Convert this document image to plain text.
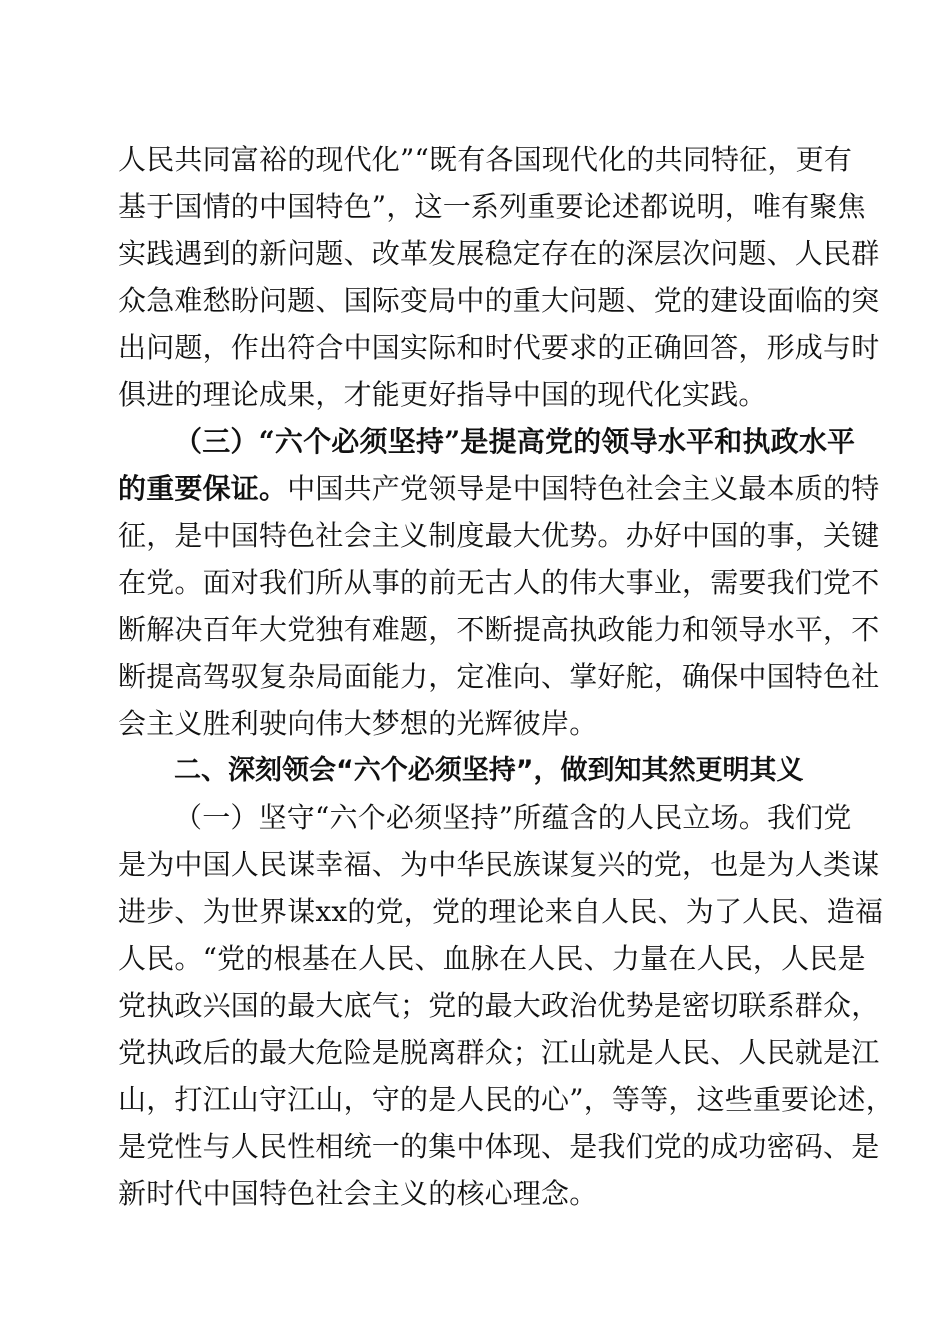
人民共同富裕的现代化”“既有各国现代化的共同特征，更有
基于国情的中国特色”，这一系列重要论述都说明，唯有聚焦
实践遇到的新问题、改革发展稳定存在的深层次问题、人民群
众急难愁盼问题、国际变局中的重大问题、党的建设面临的突
出问题，作出符合中国实际和时代要求的正确回答，形成与时
俱进的理论成果，才能更好指导中国的现代化实践。
（三）“六个必须坚持”是提高党的领导水平和执政水平
的重要保证。中国共产党领导是中国特色社会主义最本质的特
征，是中国特色社会主义制度最大优势。办好中国的事，关键
在党。面对我们所从事的前无古人的伟大事业，需要我们党不
断解决百年大党独有难题，不断提高执政能力和领导水平，不
断提高驾驭复杂局面能力，定准向、掌好舵，确保中国特色社
会主义胜利驶向伟大梦想的光辉彼岸。
二、深刻领会“六个必须坚持”，做到知其然更明其义
（一）坚守“六个必须坚持”所蕴含的人民立场。我们党
是为中国人民谋幸福、为中华民族谋复兴的党，也是为人类谋
进步、为世界谋xx的党，党的理论来自人民、为了人民、造福
人民。“党的根基在人民、血脉在人民、力量在人民，人民是
党执政兴国的最大底气；党的最大政治优势是密切联系群众，
党执政后的最大危险是脱离群众；江山就是人民、人民就是江
山，打江山守江山，守的是人民的心”，等等，这些重要论述，
是党性与人民性相统一的集中体现、是我们党的成功密码、是
新时代中国特色社会主义的核心理念。
